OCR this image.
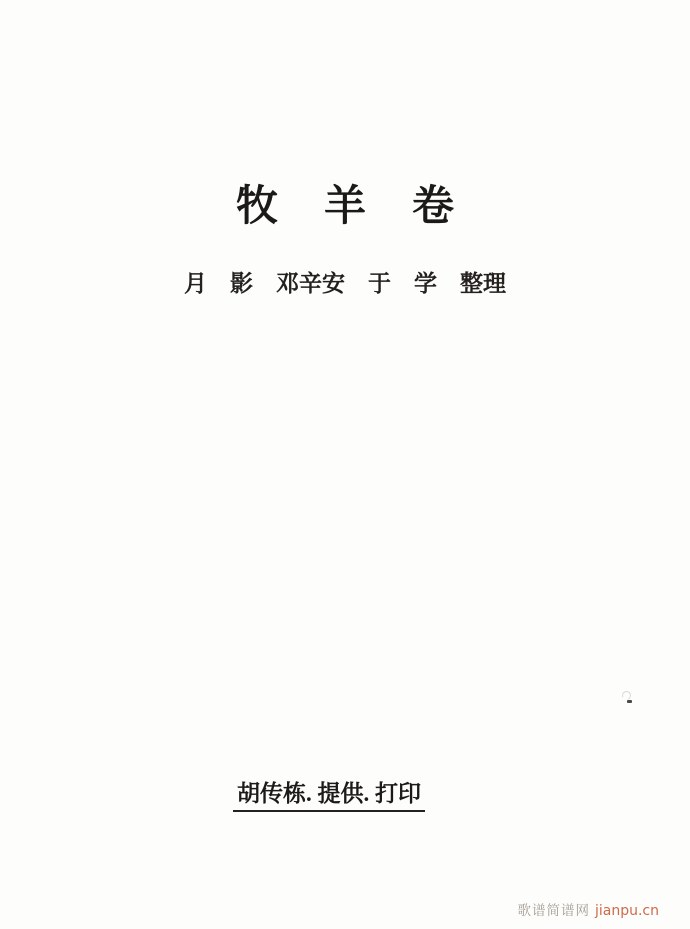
牧羊卷
月　影　邓辛安　于　学　整理
胡传栋. 提供. 打印
歌谱简谱网 jianpu.cn
